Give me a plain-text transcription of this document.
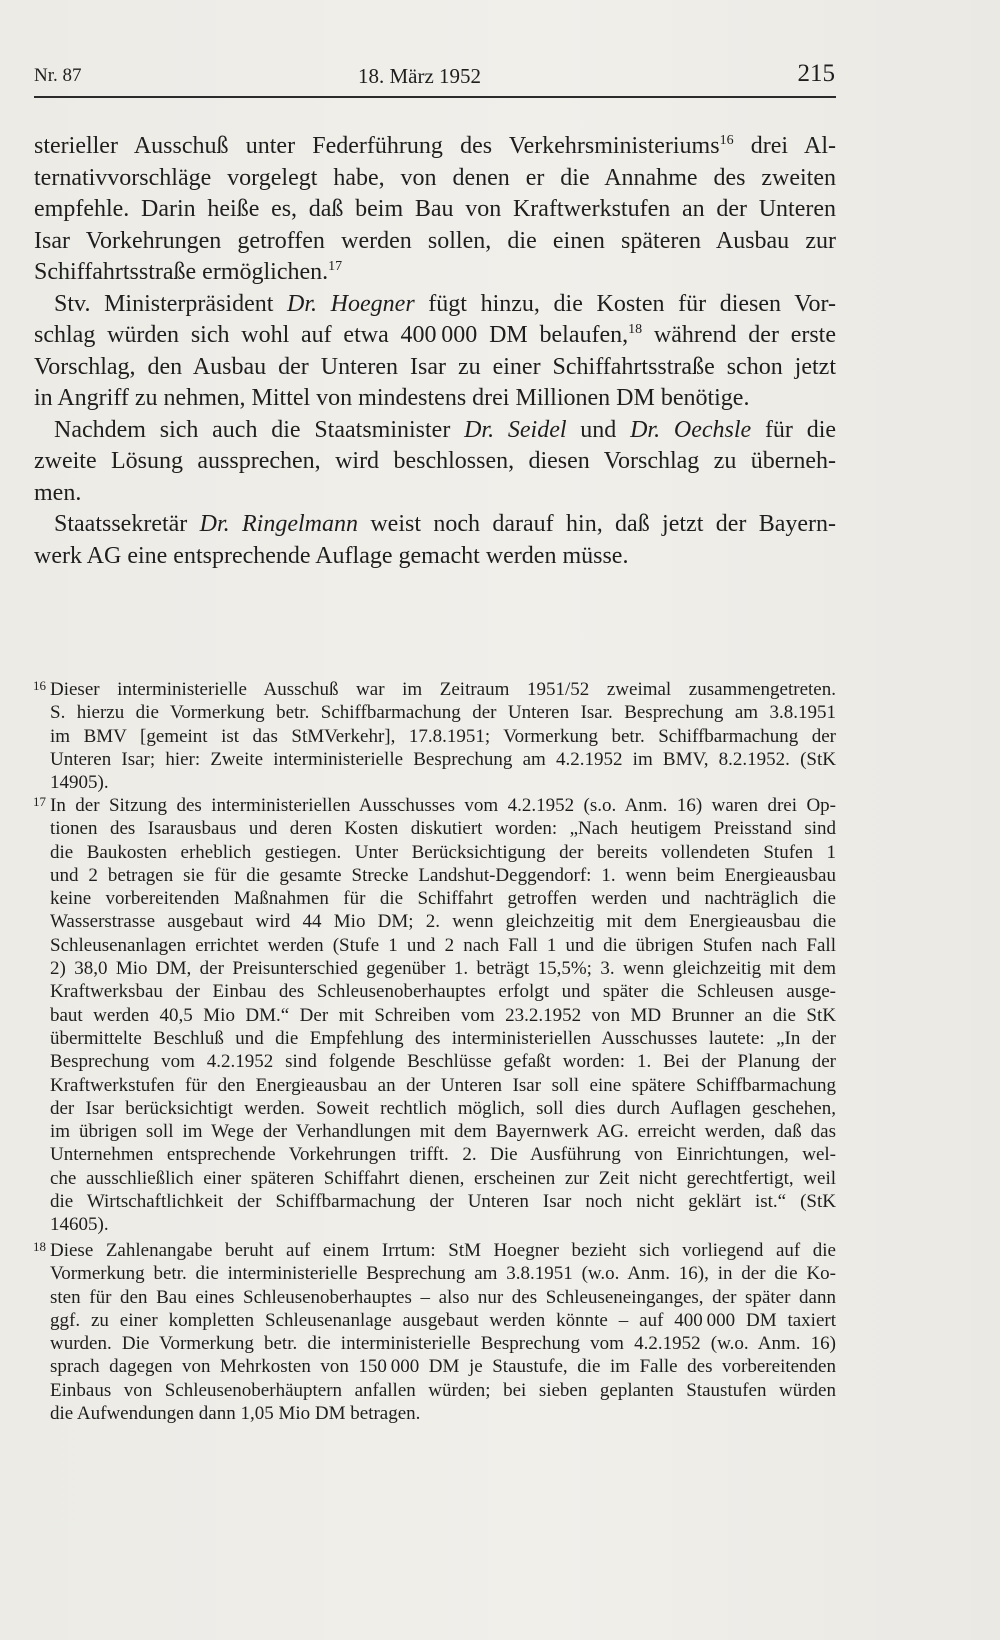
Nr. 87	18. März 1952	215
sterieller Ausschuß unter Federführung des Verkehrsministeriums$^{16}$ drei Al-
ternativvorschläge vorgelegt habe, von denen er die Annahme des zweiten
empfehle. Darin heiße es, daß beim Bau von Kraftwerkstufen an der Unteren
Isar Vorkehrungen getroffen werden sollen, die einen späteren Ausbau zur
Schiffahrtsstraße ermöglichen.$^{17}$
Stv. Ministerpräsident Dr. Hoegner fügt hinzu, die Kosten für diesen Vor-
schlag würden sich wohl auf etwa 400 000 DM belaufen,$^{18}$ während der erste
Vorschlag, den Ausbau der Unteren Isar zu einer Schiffahrtsstraße schon jetzt
in Angriff zu nehmen, Mittel von mindestens drei Millionen DM benötige.
Nachdem sich auch die Staatsminister Dr. Seidel und Dr. Oechsle für die
zweite Lösung aussprechen, wird beschlossen, diesen Vorschlag zu überneh-
men.
Staatssekretär Dr. Ringelmann weist noch darauf hin, daß jetzt der Bayern-
werk AG eine entsprechende Auflage gemacht werden müsse.
16 Dieser interministerielle Ausschuß war im Zeitraum 1951/52 zweimal zusammengetreten.
S. hierzu die Vormerkung betr. Schiffbarmachung der Unteren Isar. Besprechung am 3.8.1951
im BMV [gemeint ist das StMVerkehr], 17.8.1951; Vormerkung betr. Schiffbarmachung der
Unteren Isar; hier: Zweite interministerielle Besprechung am 4.2.1952 im BMV, 8.2.1952. (StK
14905).
17 In der Sitzung des interministeriellen Ausschusses vom 4.2.1952 (s.o. Anm. 16) waren drei Op-
tionen des Isarausbaus und deren Kosten diskutiert worden: „Nach heutigem Preisstand sind
die Baukosten erheblich gestiegen. Unter Berücksichtigung der bereits vollendeten Stufen 1
und 2 betragen sie für die gesamte Strecke Landshut-Deggendorf: 1. wenn beim Energieausbau
keine vorbereitenden Maßnahmen für die Schiffahrt getroffen werden und nachträglich die
Wasserstrasse ausgebaut wird 44 Mio DM; 2. wenn gleichzeitig mit dem Energieausbau die
Schleusenanlagen errichtet werden (Stufe 1 und 2 nach Fall 1 und die übrigen Stufen nach Fall
2) 38,0 Mio DM, der Preisunterschied gegenüber 1. beträgt 15,5%; 3. wenn gleichzeitig mit dem
Kraftwerksbau der Einbau des Schleusenoberhauptes erfolgt und später die Schleusen ausge-
baut werden 40,5 Mio DM.“ Der mit Schreiben vom 23.2.1952 von MD Brunner an die StK
übermittelte Beschluß und die Empfehlung des interministeriellen Ausschusses lautete: „In der
Besprechung vom 4.2.1952 sind folgende Beschlüsse gefaßt worden: 1. Bei der Planung der
Kraftwerkstufen für den Energieausbau an der Unteren Isar soll eine spätere Schiffbarmachung
der Isar berücksichtigt werden. Soweit rechtlich möglich, soll dies durch Auflagen geschehen,
im übrigen soll im Wege der Verhandlungen mit dem Bayernwerk AG. erreicht werden, daß das
Unternehmen entsprechende Vorkehrungen trifft. 2. Die Ausführung von Einrichtungen, wel-
che ausschließlich einer späteren Schiffahrt dienen, erscheinen zur Zeit nicht gerechtfertigt, weil
die Wirtschaftlichkeit der Schiffbarmachung der Unteren Isar noch nicht geklärt ist.“ (StK
14605).
18 Diese Zahlenangabe beruht auf einem Irrtum: StM Hoegner bezieht sich vorliegend auf die
Vormerkung betr. die interministerielle Besprechung am 3.8.1951 (w.o. Anm. 16), in der die Ko-
sten für den Bau eines Schleusenoberhauptes – also nur des Schleuseneinganges, der später dann
ggf. zu einer kompletten Schleusenanlage ausgebaut werden könnte – auf 400 000 DM taxiert
wurden. Die Vormerkung betr. die interministerielle Besprechung vom 4.2.1952 (w.o. Anm. 16)
sprach dagegen von Mehrkosten von 150 000 DM je Staustufe, die im Falle des vorbereitenden
Einbaus von Schleusenoberhäuptern anfallen würden; bei sieben geplanten Staustufen würden
die Aufwendungen dann 1,05 Mio DM betragen.
